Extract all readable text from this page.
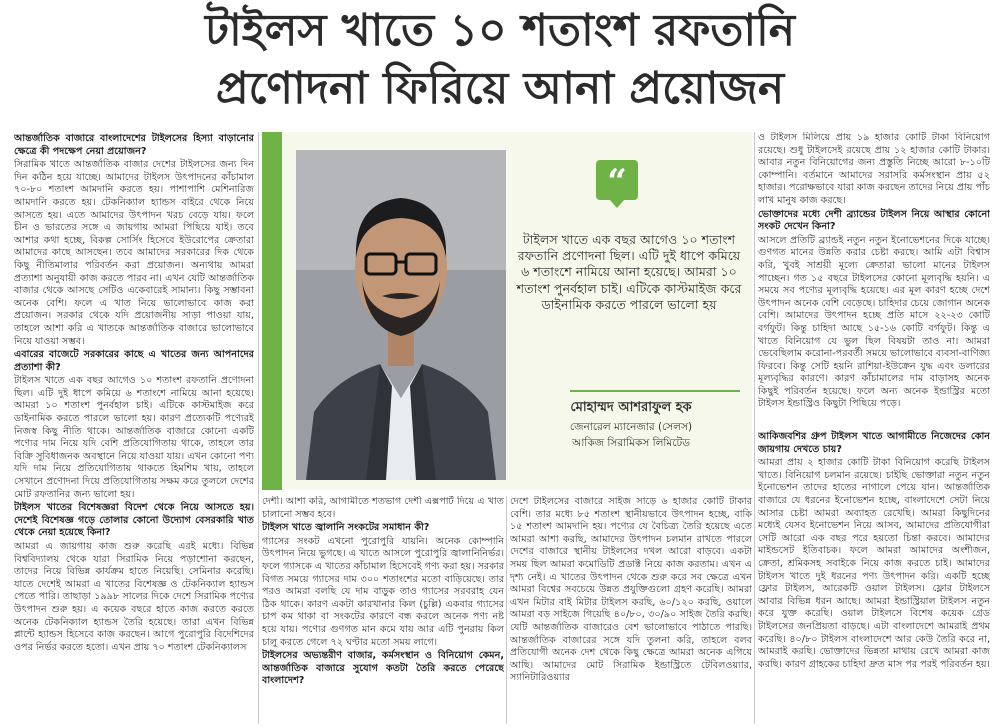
টাইলস খাতে ১০ শতাংশ রফতানি
প্রণোদনা ফিরিয়ে আনা প্রয়োজন

আন্তর্জাতিক বাজারে বাংলাদেশের টাইলসের হিস্যা বাড়ানোর ক্ষেত্রে কী পদক্ষেপ নেয়া প্রয়োজন?

সিরামিক খাতে আন্তর্জাতিক বাজার দেশের টাইলসের জন্য দিন দিন কঠিন হয়ে যাচ্ছে। আমাদের টাইলস উৎপাদনের কাঁচামাল ৭০-৮০ শতাংশ আমদানি করতে হয়। পাশাপাশি মেশিনারিজ আমদানি করতে হয়। টেকনিক্যাল হ্যান্ডস বাইরে থেকে নিয়ে আসতে হয়। এতে আমাদের উৎপাদন খরচ বেড়ে যায়। ফলে চীন ও ভারতের সঙ্গে এ জায়গায় আমরা পিছিয়ে যাই। তবে আশার কথা হচ্ছে, বিকল্প সোর্সিং হিসেবে ইউরোপের ক্রেতারা আমাদের কাছে আসছেন। তবে আমাদের সরকারের দিক থেকে কিছু নীতিমালার পরিবর্তন করা প্রয়োজন। অন্যথায় আমরা প্রত্যাশা অনুযায়ী কাজ করতে পারব না। এখন যেটি আন্তর্জাতিক বাজার থেকে আসছে সেটিও একেবারেই সামান্য। কিছু সম্ভাবনা অনেক বেশি। ফলে এ খাত নিয়ে ভালোভাবে কাজ করা প্রয়োজন। সরকার থেকে যদি প্রয়োজনীয় সাড়া পাওয়া যায়, তাহলে আশা করি এ খাতকে আন্তর্জাতিক বাজারে ভালোভাবে নিয়ে যাওয়া সম্ভব।

এবারের বাজেটে সরকারের কাছে এ খাতের জন্য আপনাদের প্রত্যাশা কী?

টাইলস খাতে এক বছর আগেও ১০ শতাংশ রফতানি প্রণোদনা ছিল। এটি দুই ধাপে কমিয়ে ৬ শতাংশে নামিয়ে আনা হয়েছে। আমরা ১০ শতাংশ পুনর্বহাল চাই। এটিকে কাস্টমাইজ করে ডাইনামিক করতে পারলে ভালো হয়। কারণ প্রত্যেকটি পণ্যেরই নিজস্ব কিছু নীতি থাকে। আন্তর্জাতিক বাজারে কোনো একটি পণ্যের দাম নিয়ে যদি বেশি প্রতিযোগিতায় থাকে, তাহলে তার বিক্রি সুবিধাজনক অবস্থানে নিয়ে যাওয়া যায়। এখন কোনো পণ্য যদি দাম নিয়ে প্রতিযোগিতায় থাকতে হিমশিম খায়, তাহলে সেখানে প্রণোদনা দিয়ে প্রতিযোগিতায় সক্ষম করে তুললে দেশের মোট রফতানির জন্য ভালো হয়।

টাইলস খাতের বিশেষজ্ঞরা বিদেশ থেকে নিয়ে আসতে হয়। দেশেই বিশেষজ্ঞ গড়ে তোলার কোনো উদ্যোগ বেসরকারি খাত থেকে নেয়া হয়েছে কিনা?

আমরা এ জায়গায় কাজ শুরু করেছি এরই মধ্যে। বিভিন্ন বিশ্ববিদ্যালয় থেকে যারা সিরামিক নিয়ে পড়াশোনা করছেন, তাদের নিয়ে বিভিন্ন কার্যক্রম হাতে নিয়েছি। সেমিনার করেছি। যাতে দেশেই আমরা এ খাতের বিশেষজ্ঞ ও টেকনিক্যাল হ্যান্ডস পেতে পারি। তাছাড়া ১৯৯৮ সালের দিকে দেশে সিরামিক পণ্যের উৎপাদন শুরু হয়। এ কয়েক বছরে হাতে কাজ করতে করতে অনেক টেকনিক্যাল হ্যান্ডস তৈরি হয়েছে। তারা এখন বিভিন্ন প্লান্টে হ্যান্ডস হিসেবে কাজ করছেন। আগে পুরোপুরি বিদেশিদের ওপর নির্ভর করতে হতো। এখন প্রায় ৭০ শতাংশ টেকনিক্যালস

“
টাইলস খাতে এক বছর আগেও ১০ শতাংশ রফতানি প্রণোদনা ছিল। এটি দুই ধাপে কমিয়ে ৬ শতাংশে নামিয়ে আনা হয়েছে। আমরা ১০ শতাংশ পুনর্বহাল চাই। এটিকে কাস্টমাইজ করে ডাইনামিক করতে পারলে ভালো হয়
মোহাম্মদ আশরাফুল হক
জেনারেল ম্যানেজার (সেলস)
আকিজ সিরামিকস লিমিটেড

দেশী। আশা করি, আগামীতে শতভাগ দেশী এক্সপার্ট দিয়ে এ খাত চালানো সম্ভব হবে।

টাইলস খাতে জ্বালানি সংকটের সমাধান কী?

গ্যাসের সংকট এখনো পুরোপুরি যায়নি। অনেক কোম্পানি উৎপাদন নিয়ে ভুগছে। এ খাতে আসলে পুরোপুরি জ্বালানিনির্ভর। ফলে গ্যাসকে এ খাতের কাঁচামাল হিসেবেই গণ্য করা হয়। সরকার বিগত সময়ে গ্যাসের দাম ৩০০ শতাংশের মতো বাড়িয়েছে। তার পরও আমরা বলছি যে দাম বাড়ুক তাও গ্যাসের সরবরাহ যেন ঠিক থাকে। কারণ একটা কারখানার কিল (চুল্লি) একবার গ্যাসের চাপ কম থাকা বা সংকটের কারণে বন্ধ করলে অনেক পণ্য নষ্ট হয়ে যায়। পণ্যের গুণগত মান কমে যায় আর এটি পুনরায় কিল চালু করতে গেলে ৭২ ঘণ্টার মতো সময় লাগে।

টাইলসের অভ্যন্তরীণ বাজার, কর্মসংস্থান ও বিনিয়োগ কেমন, আন্তর্জাতিক বাজারে সুযোগ কতটা তৈরি করতে পেরেছে বাংলাদেশ?

দেশে টাইলসের বাজারে সাইজ সাড়ে ৬ হাজার কোটি টাকার বেশি। তার মধ্যে ৮৫ শতাংশ স্থানীয়ভাবে উৎপাদন হচ্ছে, বাকি ১৫ শতাংশ আমদানি হয়। পণ্যের যে বৈচিত্র্য তৈরি হয়েছে এতে আমরা আশা করছি, আমাদের উৎপাদন চলমান রাখতে পারলে দেশের বাজারে স্থানীয় টাইলসের দখল আরো বাড়বে। একটা সময় ছিল আমরা কমোডিটি প্রডাক্ট নিয়ে কাজ করতাম। এখন এ দৃশ্য নেই। এ খাতের উৎপাদন থেকে শুরু করে সব ক্ষেত্রে এখন আমরা বিশ্বের সবচেয়ে উন্নত প্রযুক্তিগুলো গ্রহণ করেছি। আমরা এখন মিটার বাই মিটার টাইলস করছি, ৬০/১২০ করছি, ওয়ালে আমরা বড় সাইজে গিয়েছি ৪০/৮০, ৩০/৯০ সাইজ তৈরি করছি। যেটি আন্তর্জাতিক বাজারেও বেশ ভালোভাবে পাঠাতে পারছি। আন্তর্জাতিক বাজারের সঙ্গে যদি তুলনা করি, তাহলে বলব প্রতিযোগী অনেক দেশ থেকে কিছু ক্ষেত্রে আমরা অনেক এগিয়ে আছি। আমাদের মোট সিরামিক ইন্ডাস্ট্রিতে টেবিলওয়্যার, স্যানিটারিওয়্যার

ও টাইলস মিলিয়ে প্রায় ১৯ হাজার কোটি টাকা বিনিয়োগ রয়েছে। শুধু টাইলসেই রয়েছে প্রায় ১২ হাজার কোটি টাকার। আবার নতুন বিনিয়োগের জন্য প্রস্তুতি নিচ্ছে আরো ৮-১০টি কোম্পানি। বর্তমানে আমাদের সরাসরি কর্মসংস্থান প্রায় ৫২ হাজার। পরোক্ষভাবে যারা কাজ করছেন তাদের নিয়ে প্রায় পাঁচ লাখ মানুষ কাজ করছে।

ভোক্তাদের মধ্যে দেশী ব্র্যান্ডের টাইলস নিয়ে আস্থার কোনো সংকট দেখেন কিনা?

আসলে প্রতিটি ব্র্যান্ডই নতুন নতুন ইনোভেশনের দিকে যাচ্ছে। গুণগত মানের উন্নতি করার চেষ্টা করছে। আমি এটা বিশ্বাস করি, খুবই সাশ্রয়ী মূল্যে ক্রেতারা ভালো মানের টাইলস পাচ্ছেন। গত ১৫ বছরে টাইলসের কোনো মূল্যবৃদ্ধি হয়নি। এ সময়ে সব পণ্যের মূল্যবৃদ্ধি হয়েছে। এর মূল কারণ হচ্ছে দেশে উৎপাদন অনেক বেশি বেড়েছে। চাহিদার চেয়ে জোগান অনেক বেশি। আমাদের উৎপাদন হচ্ছে প্রতি মাসে ২২-২৩ কোটি বর্গফুট। কিন্তু চাহিদা আছে ১৫-১৬ কোটি বর্গফুট। কিন্তু এ খাতে বিনিয়োগ যে ভুল ছিল বিষয়টা তাও না। আমরা ভেবেছিলাম করোনা-পরবর্তী সময়ে ভালোভাবে ব্যবসা-বাণিজ্য ফিরবে। কিন্তু সেটি হয়নি রাশিয়া-ইউক্রেন যুদ্ধ এবং ডলারের মূল্যবৃদ্ধির কারণে। কারণ কাঁচামালের দাম বাড়াসহ অনেক কিছুই পরিবর্তন হয়েছে। ফলে অন্য অনেক ইন্ডাস্ট্রির মতো টাইলস ইন্ডাস্ট্রিও কিছুটা পিছিয়ে পড়ে।

আকিজবশির গ্রুপ টাইলস খাতে আগামীতে নিজেদের কোন জায়গায় দেখতে চায়?

আমরা প্রায় ২ হাজার কোটি টাকা বিনিয়োগ করেছি টাইলস খাতে। বিনিয়োগ চলমান রয়েছে। চাইছি ভোক্তারা নতুন নতুন ইনোভেশন তাদের হাতের নাগালে পেয়ে যান। আন্তর্জাতিক বাজারে যে ধরনের ইনোভেশন হচ্ছে, বাংলাদেশে সেটা নিয়ে আসার চেষ্টা আমরা অব্যাহত রেখেছি। আমরা কিছুদিনের মধ্যেই যেসব ইনোভেশন নিয়ে আসব, আমাদের প্রতিযোগীরা সেটি আরো এক বছর পরে হয়তো চিন্তা করবে। আমাদের মাইন্ডসেট ইতিবাচক। ফলে আমরা আমাদের অংশীজন, ক্রেতা, শ্রমিকসহ সবাইকে নিয়ে কাজ করতে চাই। আমাদের টাইলস খাতে দুই ধরনের পণ্য উৎপাদন করি। একটি হচ্ছে ফ্লোর টাইলস, আরেকটি ওয়াল টাইলস। ফ্লোর টাইলসে আবার বিভিন্ন ধরন আছে। আমরা ইন্ডাস্ট্রিয়াল টাইলস নতুন করে যুক্ত করেছি। ওয়াল টাইলসে বিশেষ কয়েক গ্রেড টাইলসের জনপ্রিয়তা বাড়ছে। এটা বাংলাদেশে আমরাই প্রথম করেছি। ৪০/৮০ টাইলস বাংলাদেশে আর কেউ তৈরি করে না, আমরাই করছি। ভোক্তাদের ভিন্নতা মাথায় রেখে আমরা কাজ করছি। কারণ গ্রাহকের চাহিদা দ্রুত মাস পর পরই পরিবর্তন হয়।
